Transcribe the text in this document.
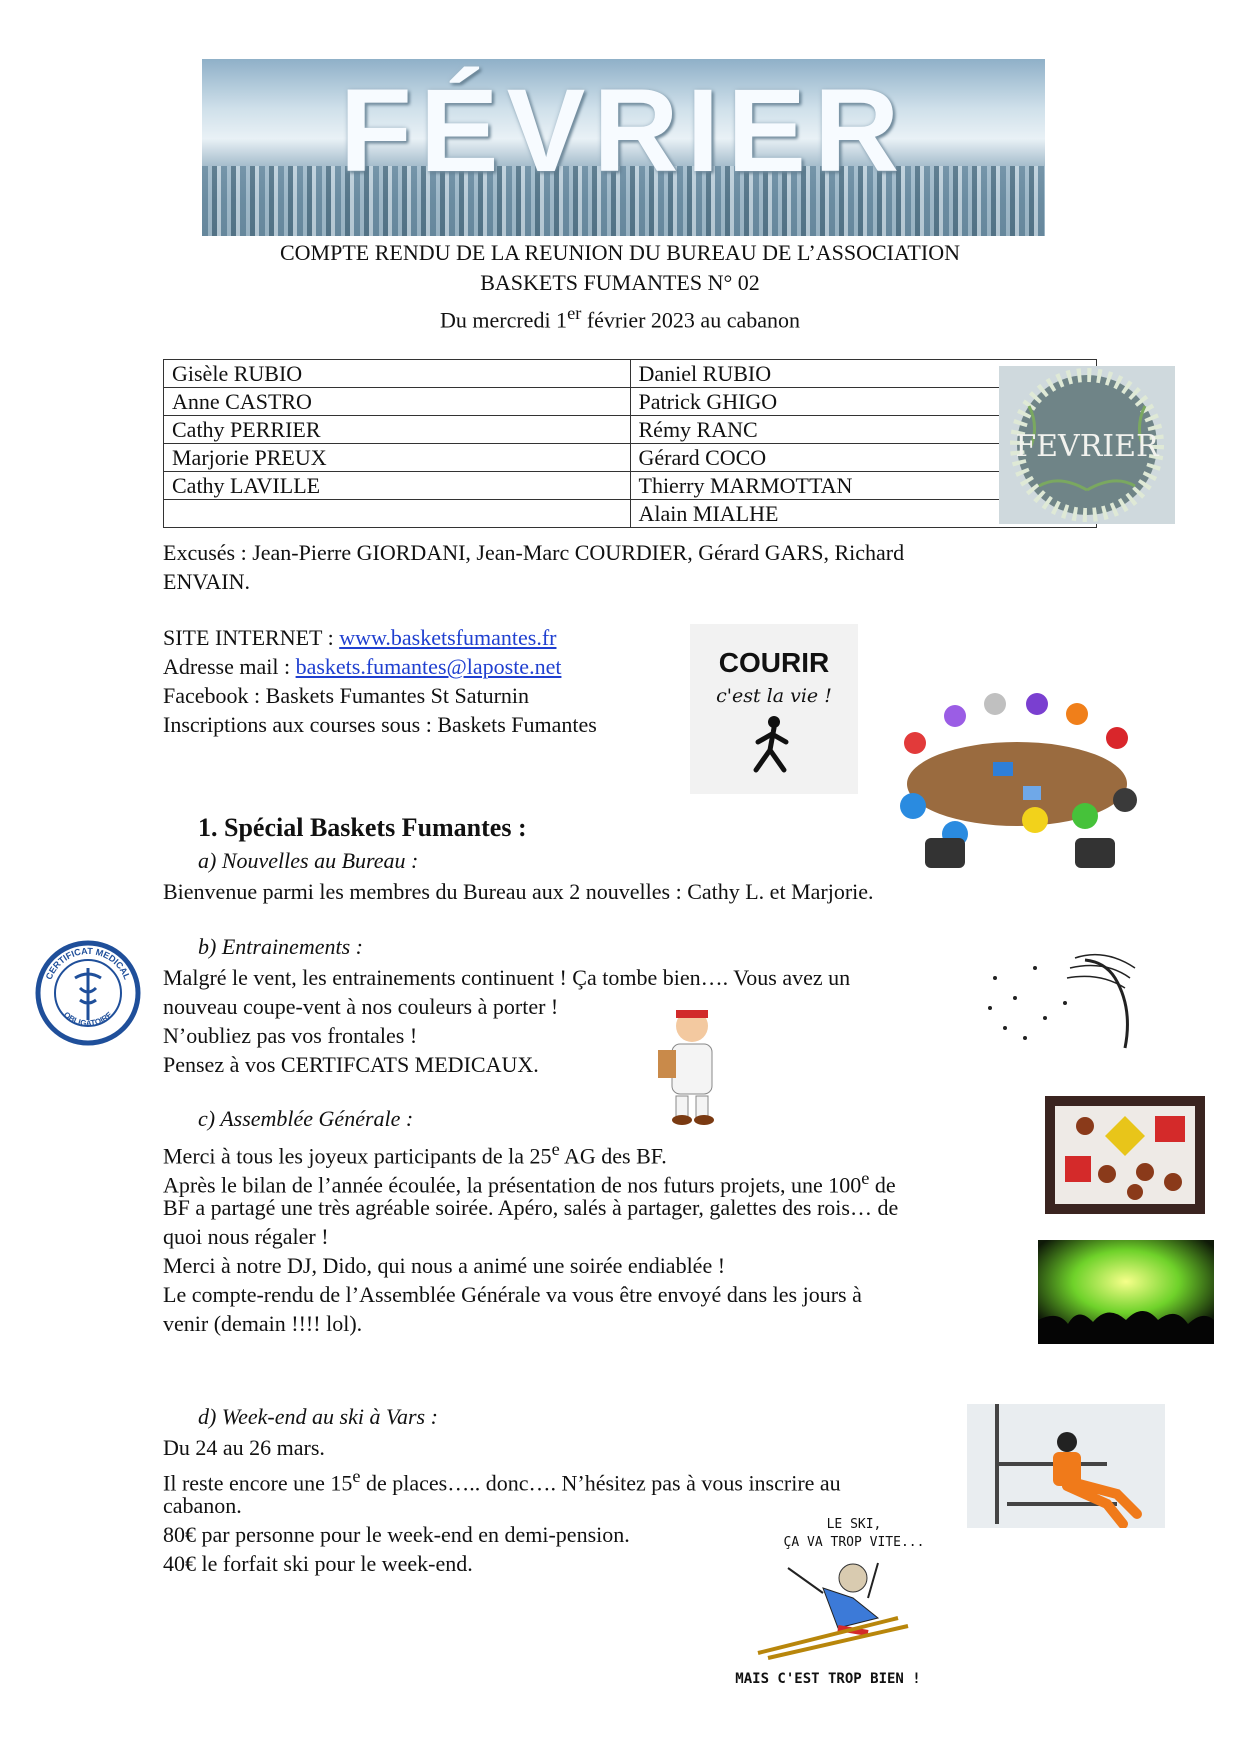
FÉVRIER
COMPTE RENDU DE LA REUNION DU BUREAU DE L’ASSOCIATION
BASKETS FUMANTES N° 02
Du mercredi 1er février 2023 au cabanon
Gisèle RUBIO	Daniel RUBIO
Anne CASTRO	Patrick GHIGO
Cathy PERRIER	Rémy RANC
Marjorie PREUX	Gérard COCO
Cathy LAVILLE	Thierry MARMOTTAN
	Alain MIALHE
FEVRIER
Excusés : Jean-Pierre GIORDANI, Jean-Marc COURDIER, Gérard GARS, Richard
ENVAIN.
SITE INTERNET : www.basketsfumantes.fr
Adresse mail : baskets.fumantes@laposte.net
Facebook : Baskets Fumantes St Saturnin
Inscriptions aux courses sous : Baskets Fumantes
COURIR
c'est la vie !
1. Spécial Baskets Fumantes :
a) Nouvelles au Bureau :
Bienvenue parmi les membres du Bureau aux 2 nouvelles : Cathy L. et Marjorie.
b) Entrainements :
Malgré le vent, les entrainements continuent ! Ça tombe bien…. Vous avez un
nouveau coupe-vent à nos couleurs à porter !
N’oubliez pas vos frontales !
Pensez à vos CERTIFCATS MEDICAUX.
CERTIFICAT MEDICAL
OBLIGATOIRE
c) Assemblée Générale :
Merci à tous les joyeux participants de la 25e AG des BF.
Après le bilan de l’année écoulée, la présentation de nos futurs projets, une 100e de
BF a partagé une très agréable soirée. Apéro, salés à partager, galettes des rois… de
quoi nous régaler !
Merci à notre DJ, Dido, qui nous a animé une soirée endiablée !
Le compte-rendu de l’Assemblée Générale va vous être envoyé dans les jours à
venir (demain !!!! lol).
d) Week-end au ski à Vars :
Du 24 au 26 mars.
Il reste encore une 15e de places….. donc…. N’hésitez pas à vous inscrire au
cabanon.
80€ par personne pour le week-end en demi-pension.
40€ le forfait ski pour le week-end.
LE SKI,
ÇA VA TROP VITE...
MAIS C'EST TROP BIEN !
